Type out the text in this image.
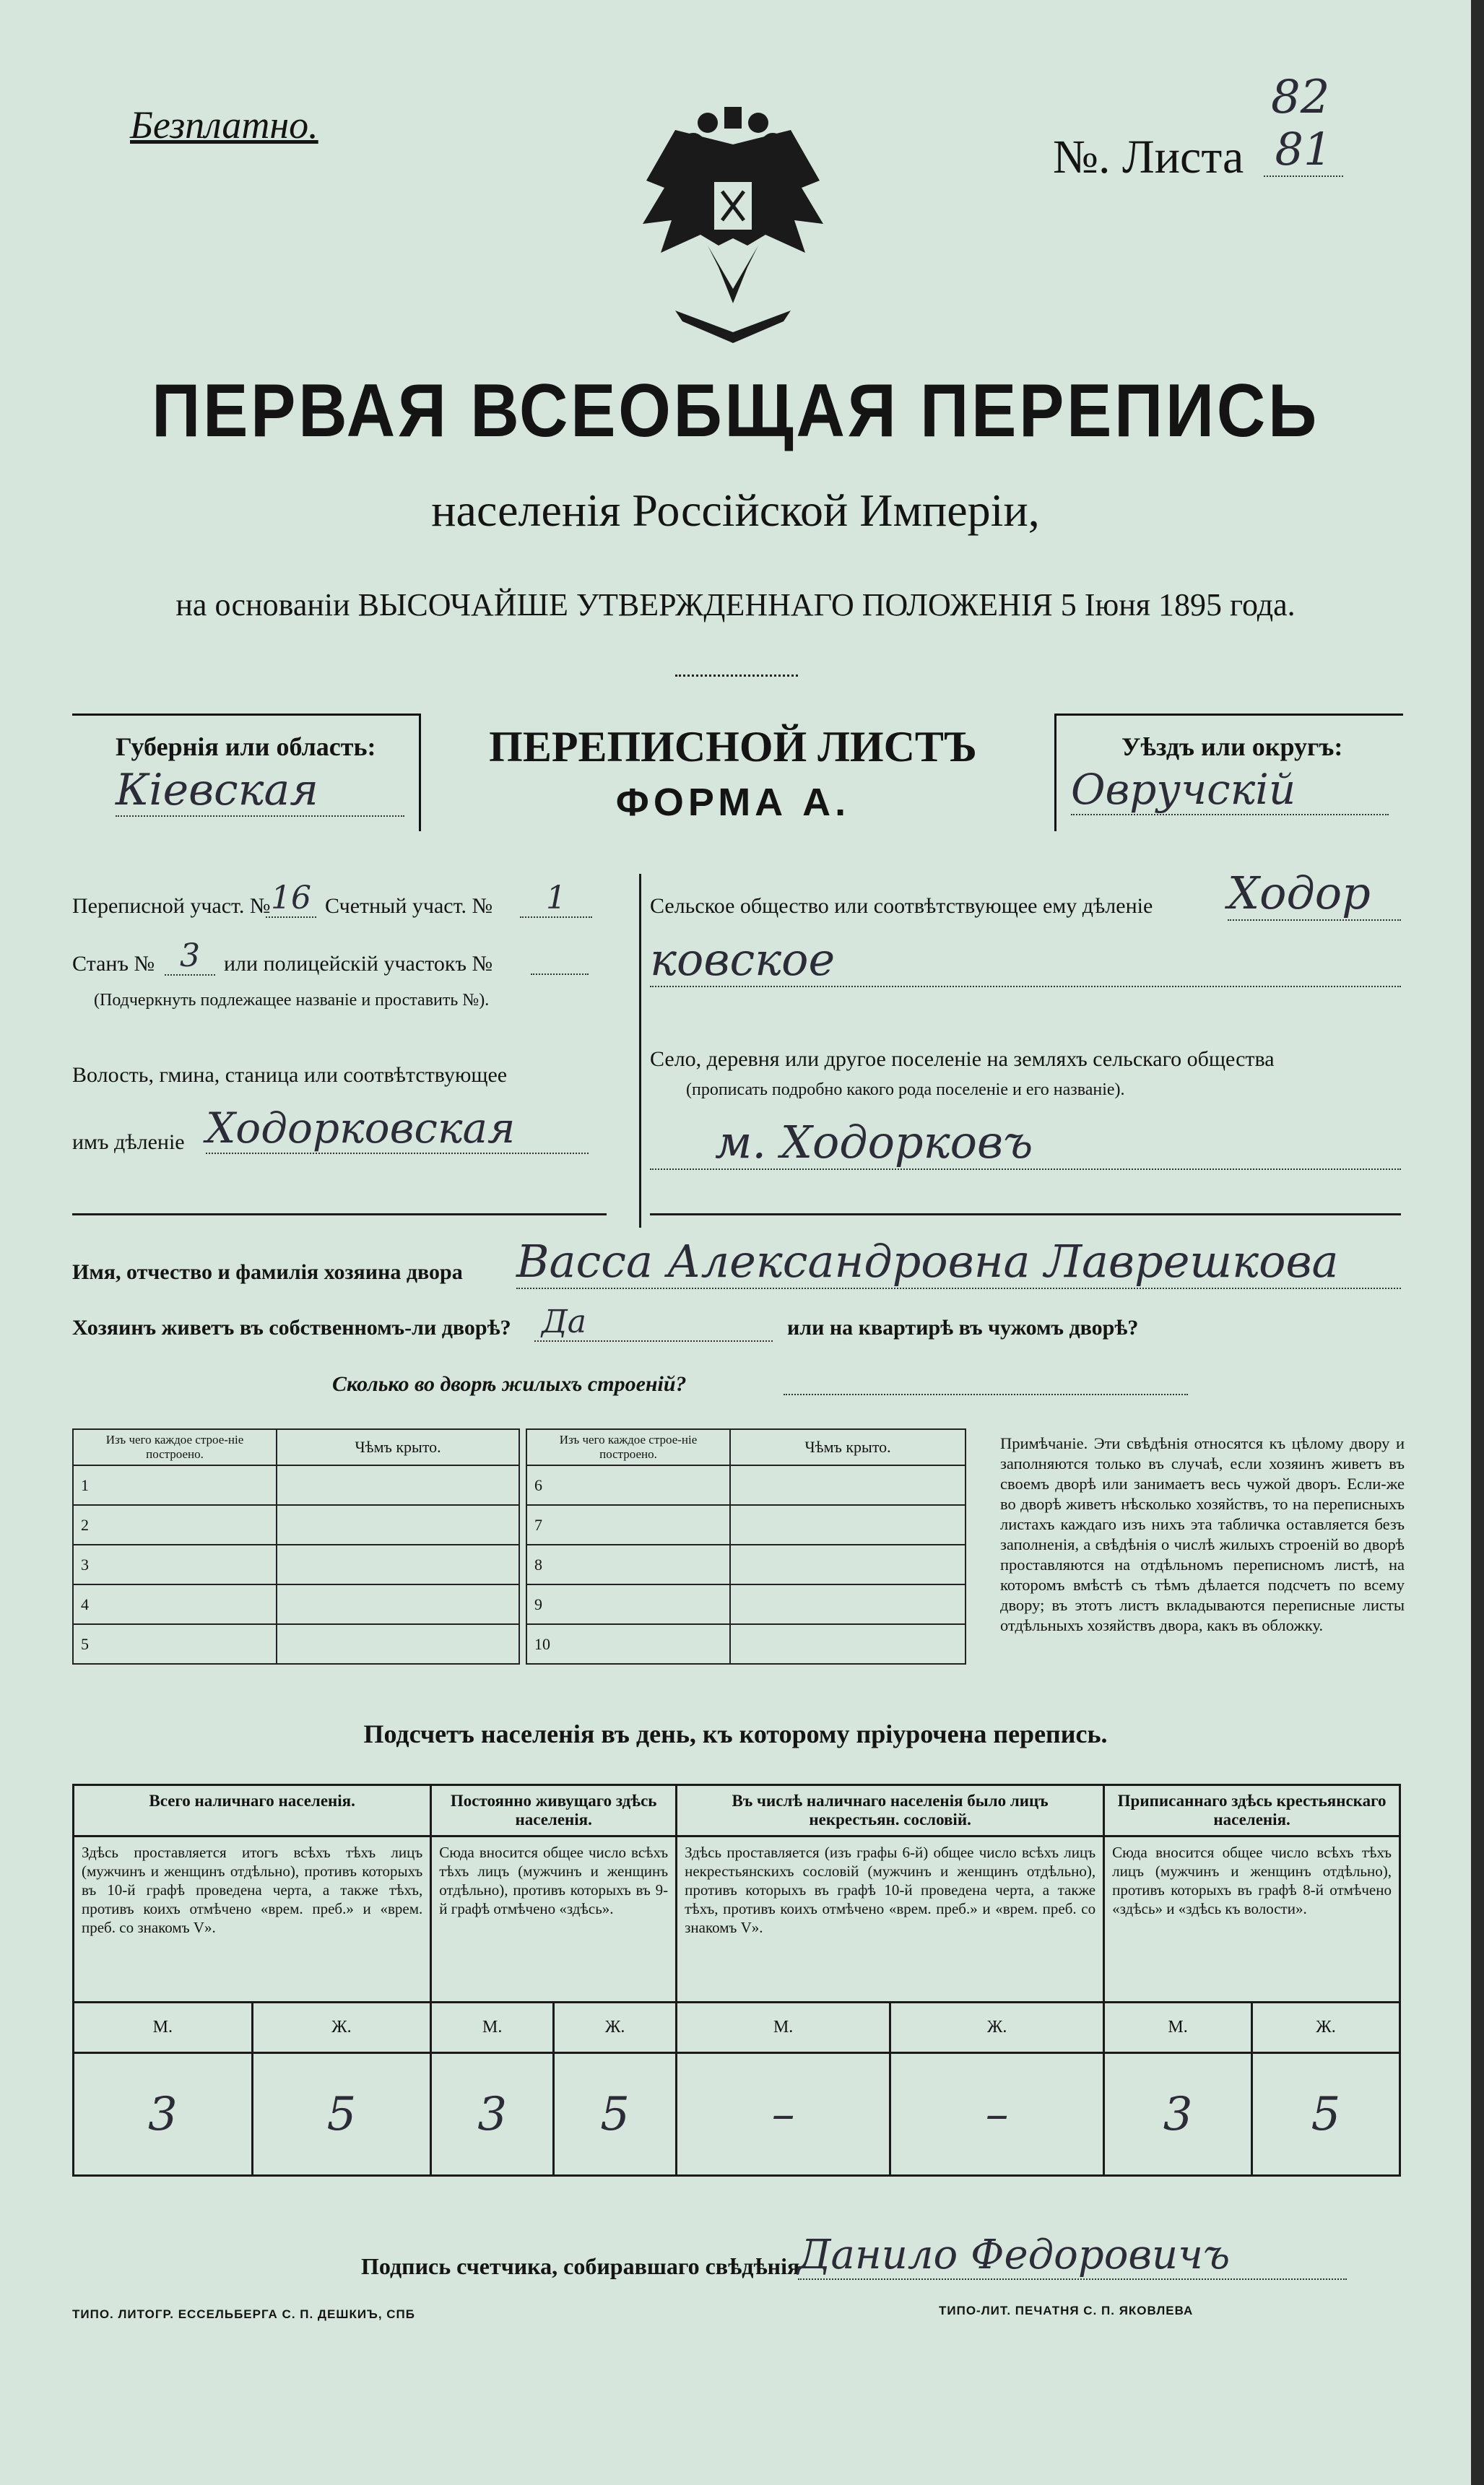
Безплатно.
№. Листа 81
82
ПЕРВАЯ ВСЕОБЩАЯ ПЕРЕПИСЬ
населенія Россійской Имперіи,
на основаніи ВЫСОЧАЙШЕ УТВЕРЖДЕННАГО ПОЛОЖЕНІЯ 5 Іюня 1895 года.
Губернія или область:
Кіевская
ПЕРЕПИСНОЙ ЛИСТЪ
ФОРМА А.
Уѣздъ или округъ:
Овручскій
Переписной участ. № 16 Счетный участ. №	1
Станъ № 3	или полицейскій участокъ №
(Подчеркнуть подлежащее названіе и проставить №).
Волость, гмина, станица или соотвѣтствующее
имъ дѣленіе Ходорковская
Сельское общество или соотвѣтствующее ему дѣленіе Ходор
ковское
Село, деревня или другое поселеніе на земляхъ сельскаго общества
(прописать подробно какого рода поселеніе и его названіе).
м. Ходорковъ
Имя, отчество и фамилія хозяина двора Васса Александровна Лаврешкова
Хозяинъ живетъ въ собственномъ-ли дворѣ? Да	или на квартирѣ въ чужомъ дворѣ?
Сколько во дворѣ жилыхъ строеній?
Изъ чего каждое строе-ніе построено.	Чѣмъ крыто.
1	
2	
3	
4	
5	
Изъ чего каждое строе-ніе построено.	Чѣмъ крыто.
6	
7	
8	
9	
10	
Примѣчаніе. Эти свѣдѣнія относятся къ цѣлому двору и заполняются только въ случаѣ, если хозяинъ живетъ въ своемъ дворѣ или занимаетъ весь чужой дворъ. Если-же во дворѣ живетъ нѣсколько хозяйствъ, то на переписныхъ листахъ каждаго изъ нихъ эта табличка оставляется безъ заполненія, а свѣдѣнія о числѣ жилыхъ строеній во дворѣ проставляются на отдѣльномъ переписномъ листѣ, на которомъ вмѣстѣ съ тѣмъ дѣлается подсчетъ по всему двору; въ этотъ листъ вкладываются переписные листы отдѣльныхъ хозяйствъ двора, какъ въ обложку.
Подсчетъ населенія въ день, къ которому пріурочена перепись.
Всего наличнаго населенія.		Постоянно живущаго здѣсь населенія.		Въ числѣ наличнаго населенія было лицъ некрестьян. сословій.		Приписаннаго здѣсь крестьянскаго населенія.	
Здѣсь проставляется итогъ всѣхъ тѣхъ лицъ (мужчинъ и женщинъ отдѣльно), противъ которыхъ въ 10-й графѣ проведена черта, а также тѣхъ, противъ коихъ отмѣчено «врем. преб.» и «врем. преб. со знакомъ V».		Сюда вносится общее число всѣхъ тѣхъ лицъ (мужчинъ и женщинъ отдѣльно), противъ которыхъ въ 9-й графѣ отмѣчено «здѣсь».		Здѣсь проставляется (изъ графы 6-й) общее число всѣхъ лицъ некрестьянскихъ сословій (мужчинъ и женщинъ отдѣльно), противъ которыхъ въ графѣ 10-й проведена черта, а также тѣхъ, противъ коихъ отмѣчено «врем. преб.» и «врем. преб. со знакомъ V».		Сюда вносится общее число всѣхъ тѣхъ лицъ (мужчинъ и женщинъ отдѣльно), противъ которыхъ въ графѣ 8-й отмѣчено «здѣсь» и «здѣсь къ волости».	
М.	Ж.	М.	Ж.	М.	Ж.	М.	Ж.
3	5	3	5	–	–	3	5
Подпись счетчика, собиравшаго свѣдѣнія
Данило Федоровичъ
ТИПО. ЛИТОГР. ЕССЕЛЬБЕРГА С. П. ДЕШКИЪ, СПБ	ТИПО-ЛИТ. ПЕЧАТНЯ С. П. ЯКОВЛЕВА
